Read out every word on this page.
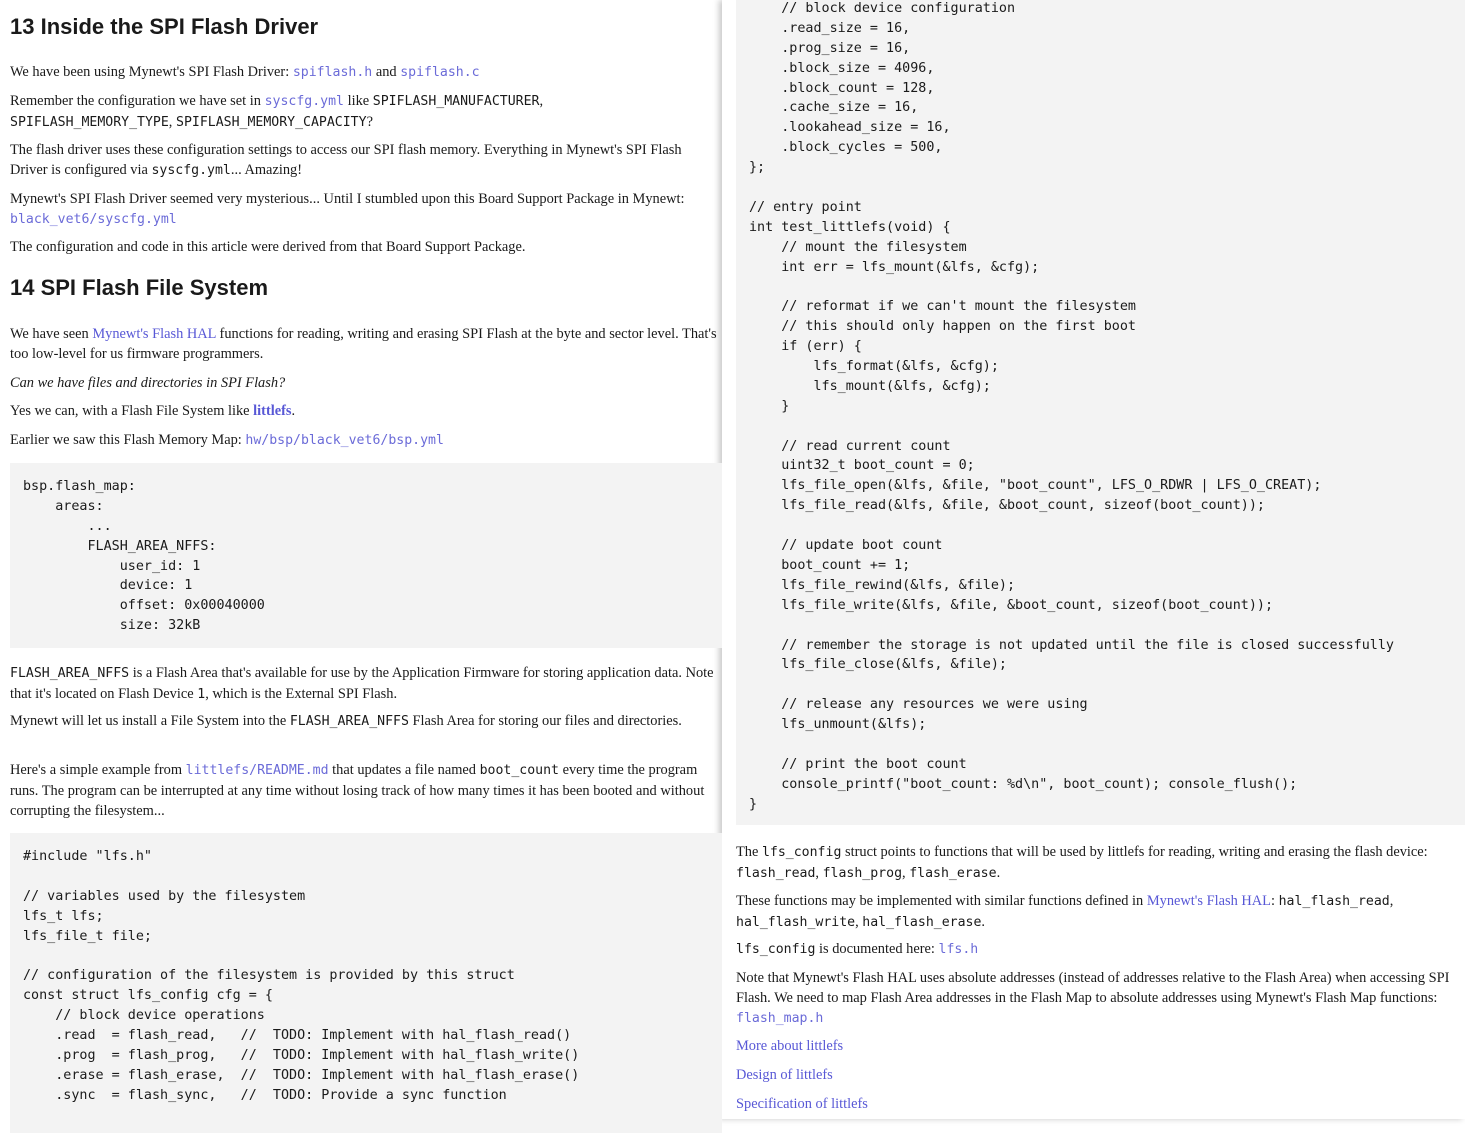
13 Inside the SPI Flash Driver

We have been using Mynewt's SPI Flash Driver: spiflash.h and spiflash.c

Remember the configuration we have set in syscfg.yml like SPIFLASH_MANUFACTURER,
SPIFLASH_MEMORY_TYPE, SPIFLASH_MEMORY_CAPACITY?

The flash driver uses these configuration settings to access our SPI flash memory. Everything in Mynewt's SPI Flash Driver is configured via syscfg.yml... Amazing!

Mynewt's SPI Flash Driver seemed very mysterious... Until I stumbled upon this Board Support Package in Mynewt: black_vet6/syscfg.yml

The configuration and code in this article were derived from that Board Support Package.

14 SPI Flash File System

We have seen Mynewt's Flash HAL functions for reading, writing and erasing SPI Flash at the byte and sector level. That's too low-level for us firmware programmers.

Can we have files and directories in SPI Flash?

Yes we can, with a Flash File System like littlefs.

Earlier we saw this Flash Memory Map: hw/bsp/black_vet6/bsp.yml

bsp.flash_map:
areas:
...
FLASH_AREA_NFFS:
user_id: 1
device: 1
offset: 0x00040000
size: 32kB

FLASH_AREA_NFFS is a Flash Area that's available for use by the Application Firmware for storing application data. Note that it's located on Flash Device 1, which is the External SPI Flash.

Mynewt will let us install a File System into the FLASH_AREA_NFFS Flash Area for storing our files and directories.

Here's a simple example from littlefs/README.md that updates a file named boot_count every time the program runs. The program can be interrupted at any time without losing track of how many times it has been booted and without corrupting the filesystem...

#include "lfs.h"

// variables used by the filesystem
lfs_t lfs;
lfs_file_t file;

// configuration of the filesystem is provided by this struct
const struct lfs_config cfg = {
// block device operations
.read  = flash_read,   //  TODO: Implement with hal_flash_read()
.prog  = flash_prog,   //  TODO: Implement with hal_flash_write()
.erase = flash_erase,  //  TODO: Implement with hal_flash_erase()
.sync  = flash_sync,   //  TODO: Provide a sync function
// block device configuration
.read_size = 16,
.prog_size = 16,
.block_size = 4096,
.block_count = 128,
.cache_size = 16,
.lookahead_size = 16,
.block_cycles = 500,
};

// entry point
int test_littlefs(void) {
// mount the filesystem
int err = lfs_mount(&lfs, &cfg);

// reformat if we can't mount the filesystem
// this should only happen on the first boot
if (err) {
lfs_format(&lfs, &cfg);
lfs_mount(&lfs, &cfg);
}

// read current count
uint32_t boot_count = 0;
lfs_file_open(&lfs, &file, "boot_count", LFS_O_RDWR | LFS_O_CREAT);
lfs_file_read(&lfs, &file, &boot_count, sizeof(boot_count));

// update boot count
boot_count += 1;
lfs_file_rewind(&lfs, &file);
lfs_file_write(&lfs, &file, &boot_count, sizeof(boot_count));

// remember the storage is not updated until the file is closed successfully
lfs_file_close(&lfs, &file);

// release any resources we were using
lfs_unmount(&lfs);

// print the boot count
console_printf("boot_count: %d\n", boot_count); console_flush();
}

The lfs_config struct points to functions that will be used by littlefs for reading, writing and erasing the flash device: flash_read, flash_prog, flash_erase.

These functions may be implemented with similar functions defined in Mynewt's Flash HAL: hal_flash_read,
hal_flash_write, hal_flash_erase.

lfs_config is documented here: lfs.h

Note that Mynewt's Flash HAL uses absolute addresses (instead of addresses relative to the Flash Area) when accessing SPI Flash. We need to map Flash Area addresses in the Flash Map to absolute addresses using Mynewt's Flash Map functions: flash_map.h

More about littlefs

Design of littlefs

Specification of littlefs
